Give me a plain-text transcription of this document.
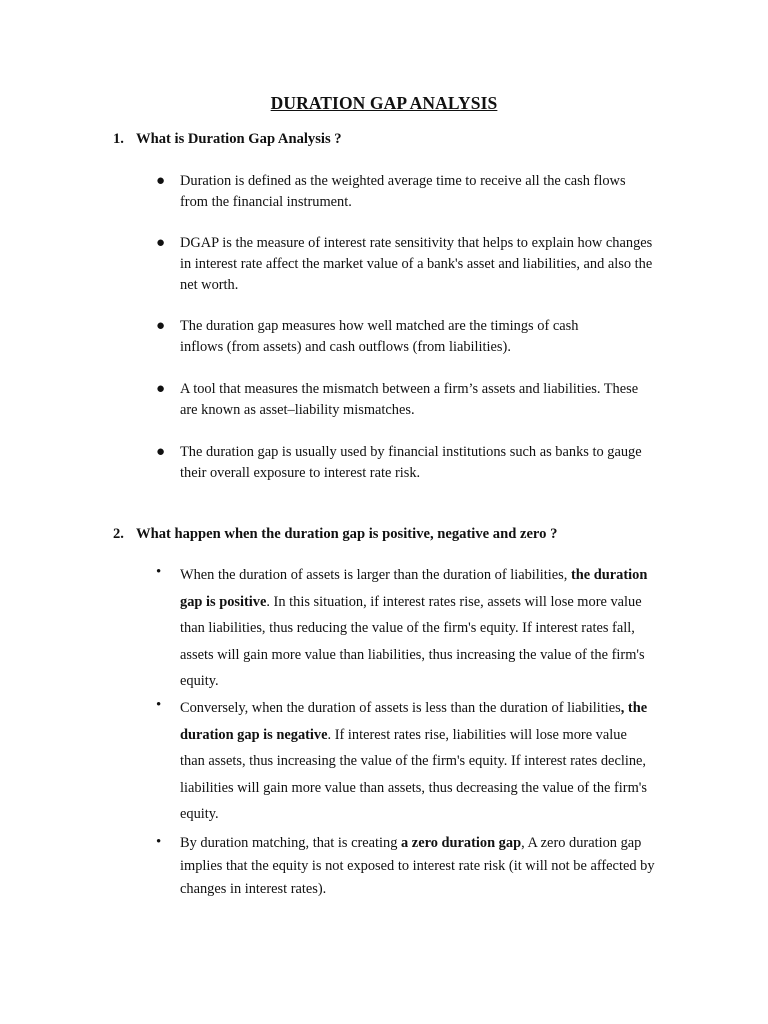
DURATION GAP ANALYSIS
1. What is Duration Gap Analysis ?
●	Duration is defined as the weighted average time to receive all the cash flows
from the financial instrument.
●	DGAP is the measure of interest rate sensitivity that helps to explain how changes
in interest rate affect the market value of a bank's asset and liabilities, and also the
net worth.
●	The duration gap measures how well matched are the timings of cash
inflows (from assets) and cash outflows (from liabilities).
●	A tool that measures the mismatch between a firm’s assets and liabilities. These
are known as asset–liability mismatches.
●	The duration gap is usually used by financial institutions such as banks to gauge
their overall exposure to interest rate risk.
2. What happen when the duration gap is positive, negative and zero ?
•	When the duration of assets is larger than the duration of liabilities, the duration
gap is positive. In this situation, if interest rates rise, assets will lose more value
than liabilities, thus reducing the value of the firm's equity. If interest rates fall,
assets will gain more value than liabilities, thus increasing the value of the firm's
equity.
•	Conversely, when the duration of assets is less than the duration of liabilities, the
duration gap is negative. If interest rates rise, liabilities will lose more value
than assets, thus increasing the value of the firm's equity. If interest rates decline,
liabilities will gain more value than assets, thus decreasing the value of the firm's
equity.
•	By duration matching, that is creating a zero duration gap, A zero duration gap
implies that the equity is not exposed to interest rate risk (it will not be affected by
changes in interest rates).
